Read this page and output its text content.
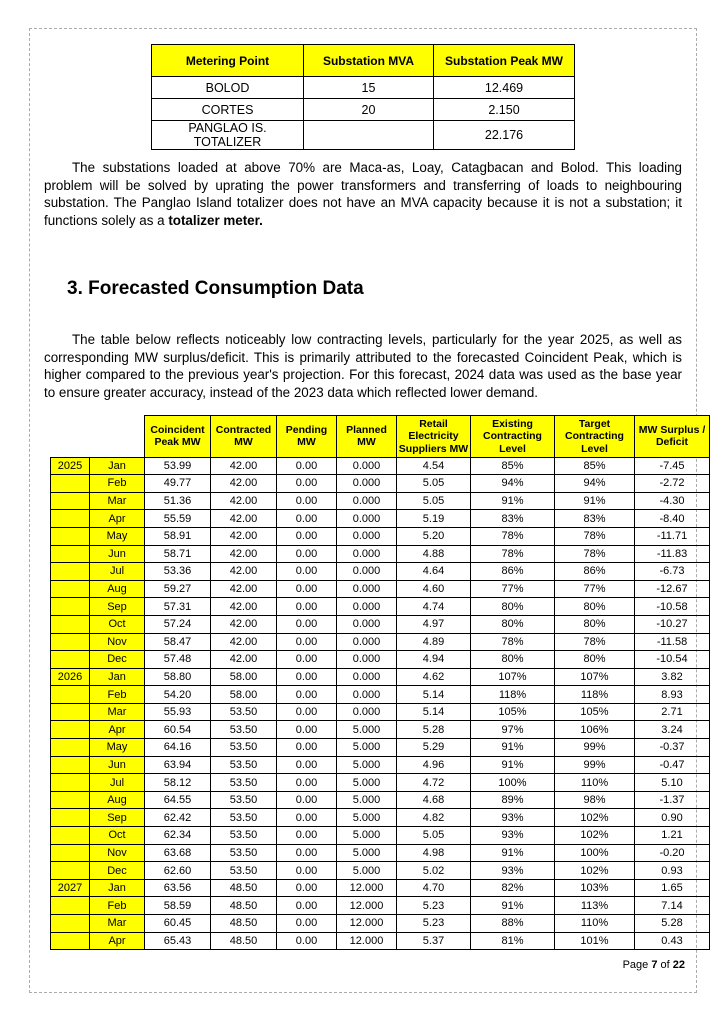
Metering Point	Substation MVA	Substation Peak MW
BOLOD	15	12.469
CORTES	20	2.150
PANGLAO IS. TOTALIZER		22.176

The substations loaded at above 70% are Maca-as, Loay, Catagbacan and Bolod. This loading problem will be solved by uprating the power transformers and transferring of loads to neighbouring substation. The Panglao Island totalizer does not have an MVA capacity because it is not a substation; it functions solely as a totalizer meter.

3. Forecasted Consumption Data

The table below reflects noticeably low contracting levels, particularly for the year 2025, as well as corresponding MW surplus/deficit. This is primarily attributed to the forecasted Coincident Peak, which is higher compared to the previous year's projection. For this forecast, 2024 data was used as the base year to ensure greater accuracy, instead of the 2023 data which reflected lower demand.

		Coincident Peak MW	Contracted MW	Pending MW	Planned MW	Retail Electricity Suppliers MW	Existing Contracting Level	Target Contracting Level	MW Surplus / Deficit
2025	Jan	53.99	42.00	0.00	0.000	4.54	85%	85%	-7.45
	Feb	49.77	42.00	0.00	0.000	5.05	94%	94%	-2.72
	Mar	51.36	42.00	0.00	0.000	5.05	91%	91%	-4.30
	Apr	55.59	42.00	0.00	0.000	5.19	83%	83%	-8.40
	May	58.91	42.00	0.00	0.000	5.20	78%	78%	-11.71
	Jun	58.71	42.00	0.00	0.000	4.88	78%	78%	-11.83
	Jul	53.36	42.00	0.00	0.000	4.64	86%	86%	-6.73
	Aug	59.27	42.00	0.00	0.000	4.60	77%	77%	-12.67
	Sep	57.31	42.00	0.00	0.000	4.74	80%	80%	-10.58
	Oct	57.24	42.00	0.00	0.000	4.97	80%	80%	-10.27
	Nov	58.47	42.00	0.00	0.000	4.89	78%	78%	-11.58
	Dec	57.48	42.00	0.00	0.000	4.94	80%	80%	-10.54
2026	Jan	58.80	58.00	0.00	0.000	4.62	107%	107%	3.82
	Feb	54.20	58.00	0.00	0.000	5.14	118%	118%	8.93
	Mar	55.93	53.50	0.00	0.000	5.14	105%	105%	2.71
	Apr	60.54	53.50	0.00	5.000	5.28	97%	106%	3.24
	May	64.16	53.50	0.00	5.000	5.29	91%	99%	-0.37
	Jun	63.94	53.50	0.00	5.000	4.96	91%	99%	-0.47
	Jul	58.12	53.50	0.00	5.000	4.72	100%	110%	5.10
	Aug	64.55	53.50	0.00	5.000	4.68	89%	98%	-1.37
	Sep	62.42	53.50	0.00	5.000	4.82	93%	102%	0.90
	Oct	62.34	53.50	0.00	5.000	5.05	93%	102%	1.21
	Nov	63.68	53.50	0.00	5.000	4.98	91%	100%	-0.20
	Dec	62.60	53.50	0.00	5.000	5.02	93%	102%	0.93
2027	Jan	63.56	48.50	0.00	12.000	4.70	82%	103%	1.65
	Feb	58.59	48.50	0.00	12.000	5.23	91%	113%	7.14
	Mar	60.45	48.50	0.00	12.000	5.23	88%	110%	5.28
	Apr	65.43	48.50	0.00	12.000	5.37	81%	101%	0.43
Page 7 of 22
